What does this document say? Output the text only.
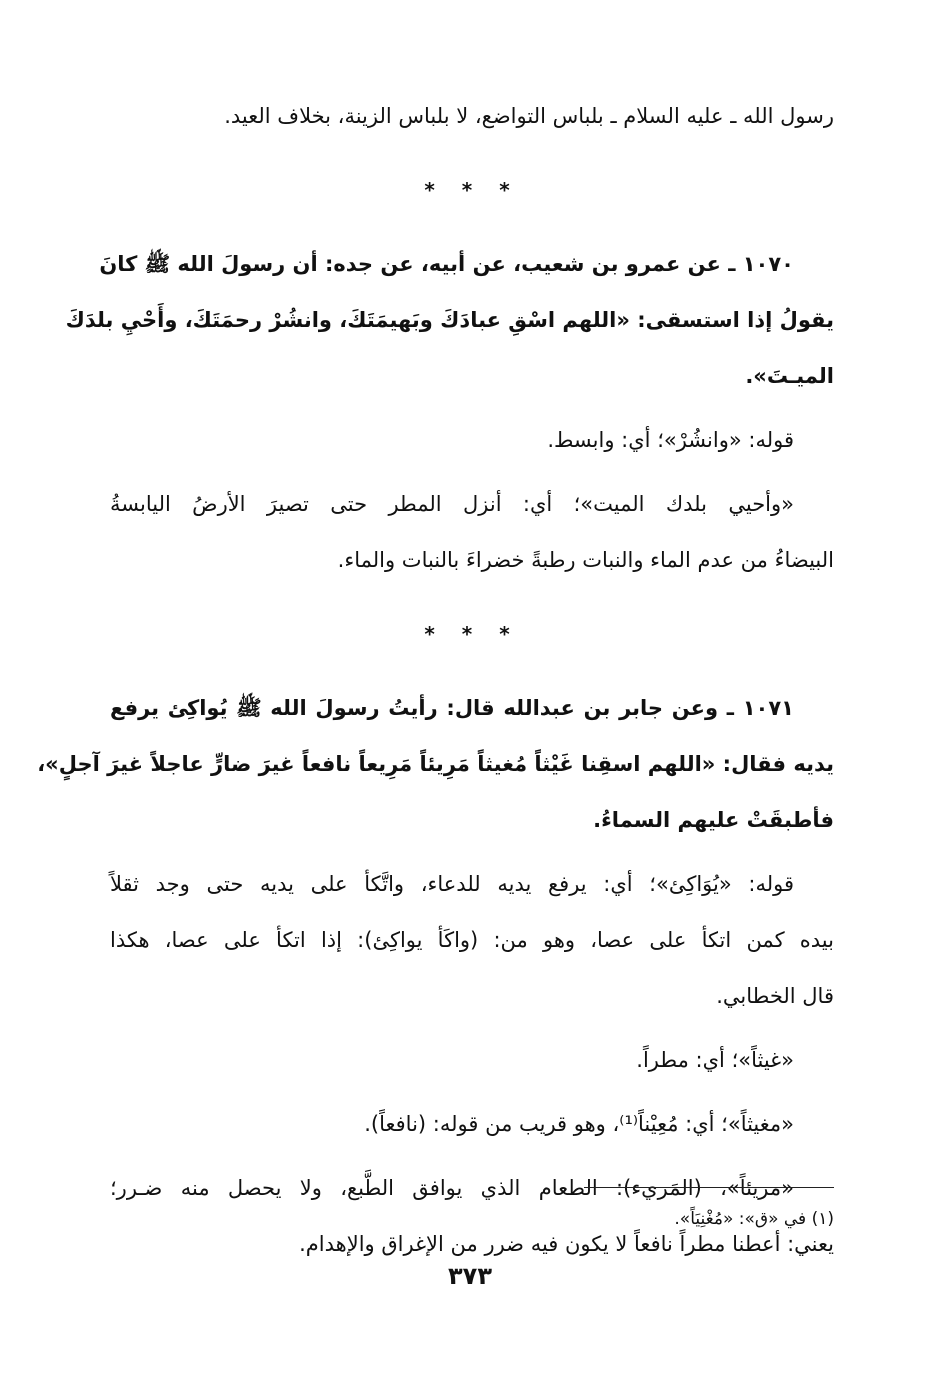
رسول الله ـ عليه السلام ـ بلباس التواضع، لا بلباس الزينة، بخلاف العيد.
* * *
١٠٧٠ ـ عن عمرو بن شعيب، عن أبيه، عن جده: أن رسولَ الله ﷺ كانَ
يقولُ إذا استسقى: «اللهم اسْقِ عبادَكَ وبَهيمَتَكَ، وانشُرْ رحمَتَكَ، وأَحْيِ بلدَكَ
الميـتَ».
قوله: «وانشُرْ»؛ أي: وابسط.
«وأحيي بلدك الميت»؛ أي: أنزل المطر حتى تصيرَ الأرضُ اليابسةُ
البيضاءُ من عدم الماء والنبات رطبةً خضراءَ بالنبات والماء.
* * *
١٠٧١ ـ وعن جابر بن عبدالله قال: رأيتُ رسولَ الله ﷺ يُواكِئ يرفع
يديه فقال: «اللهم اسقِنا غَيْثاً مُغيثاً مَرِيئاً مَرِيعاً نافعاً غيرَ ضارٍّ عاجلاً غيرَ آجلٍ»،
فأطبقَتْ عليهم السماءُ.
قوله: «يُوَاكِئ»؛ أي: يرفع يديه للدعاء، واتَّكأ على يديه حتى وجد ثقلاً
بيده كمن اتكأ على عصا، وهو من: (واكَأ يواكِئ): إذا اتكأ على عصا، هكذا
قال الخطابي.
«غيثاً»؛ أي: مطراً.
«مغيثاً»؛ أي: مُعِيْناً⁽¹⁾، وهو قريب من قوله: (نافعاً).
«مريئاً»، (المَريء): الطعام الذي يوافق الطَّبع، ولا يحصل منه ضـرر؛
يعني: أعطنا مطراً نافعاً لا يكون فيه ضرر من الإغراق والإهدام.
(١) في «ق»: «مُغْنِيَاً».
٣٧٣
